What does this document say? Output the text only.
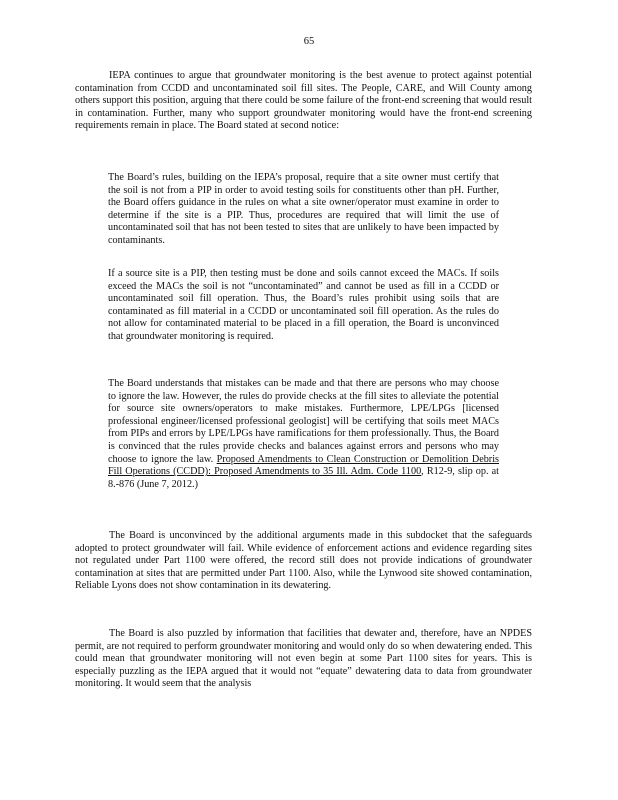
65

IEPA continues to argue that groundwater monitoring is the best avenue to protect against potential contamination from CCDD and uncontaminated soil fill sites. The People, CARE, and Will County among others support this position, arguing that there could be some failure of the front-end screening that would result in contamination. Further, many who support groundwater monitoring would have the front-end screening requirements remain in place. The Board stated at second notice:

The Board’s rules, building on the IEPA’s proposal, require that a site owner must certify that the soil is not from a PIP in order to avoid testing soils for constituents other than pH. Further, the Board offers guidance in the rules on what a site owner/operator must examine in order to determine if the site is a PIP. Thus, procedures are required that will limit the use of uncontaminated soil that has not been tested to sites that are unlikely to have been impacted by contaminants.

If a source site is a PIP, then testing must be done and soils cannot exceed the MACs. If soils exceed the MACs the soil is not “uncontaminated” and cannot be used as fill in a CCDD or uncontaminated soil fill operation. Thus, the Board’s rules prohibit using soils that are contaminated as fill material in a CCDD or uncontaminated soil fill operation. As the rules do not allow for contaminated material to be placed in a fill operation, the Board is unconvinced that groundwater monitoring is required.

The Board understands that mistakes can be made and that there are persons who may choose to ignore the law. However, the rules do provide checks at the fill sites to alleviate the potential for source site owners/operators to make mistakes. Furthermore, LPE/LPGs [licensed professional engineer/licensed professional geologist] will be certifying that soils meet MACs from PIPs and errors by LPE/LPGs have ramifications for them professionally. Thus, the Board is convinced that the rules provide checks and balances against errors and persons who may choose to ignore the law. Proposed Amendments to Clean Construction or Demolition Debris Fill Operations (CCDD): Proposed Amendments to 35 Ill. Adm. Code 1100, R12-9, slip op. at 8.-876 (June 7, 2012.)

The Board is unconvinced by the additional arguments made in this subdocket that the safeguards adopted to protect groundwater will fail. While evidence of enforcement actions and evidence regarding sites not regulated under Part 1100 were offered, the record still does not provide indications of groundwater contamination at sites that are permitted under Part 1100. Also, while the Lynwood site showed contamination, Reliable Lyons does not show contamination in its dewatering.

The Board is also puzzled by information that facilities that dewater and, therefore, have an NPDES permit, are not required to perform groundwater monitoring and would only do so when dewatering ended. This could mean that groundwater monitoring will not even begin at some Part 1100 sites for years. This is especially puzzling as the IEPA argued that it would not “equate” dewatering data to data from groundwater monitoring. It would seem that the analysis
